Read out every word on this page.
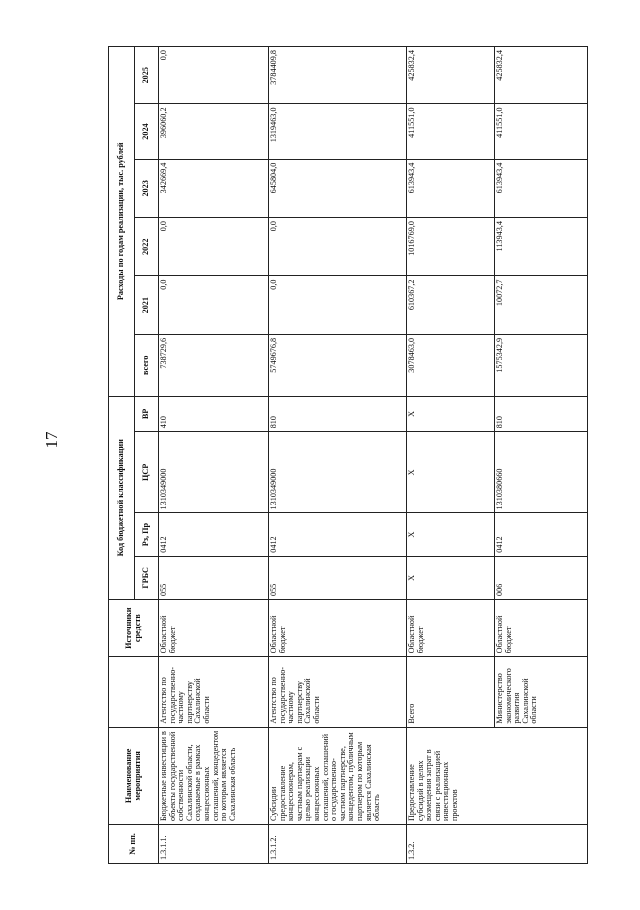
17
№ пп.	Наименование мероприятия		Источники средств	Код бюджетной классификации				Расходы по годам реализации, тыс. рублей					
				ГРБС	Рз, Пр	ЦСР	ВР	всего	2021	2022	2023	2024	2025
1.3.1.1.	Бюджетные инвестиции в объекты государственной собственности Сахалинской области, создаваемые в рамках концессионных соглашений, концедентом по которым является Сахалинская область	Агентство по государственно-частному партнерству Сахалинской области	Областной бюджет	055	0412	1310349000	410	738729,6	0,0	0,0	342669,4	396060,2	0,0
1.3.1.2.	Субсидии предоставление концессионерам, частным партнерам с целью реализации концессионных соглашений, соглашений о государственно-частном партнерстве, концедентом, публичным партнером по которым является Сахалинская область	Агентство по государственно-частному партнерству Сахалинской области	Областной бюджет	055	0412	1310349000	810	5749676,8	0,0	0,0	645804,0	1319463,0	3784409,8
1.3.2.	Предоставление субсидий в целях возмещения затрат в связи с реализацией инвестиционных проектов	Всего	Областной бюджет	Х	Х	Х	Х	3078463,0	610367,2	1016769,0	613943,4	411551,0	425832,4
		Министерство экономического развития Сахалинской области	Областной бюджет	006	0412	1310380660	810	1575342,9	10072,7	113943,4	613943,4	411551,0	425832,4
